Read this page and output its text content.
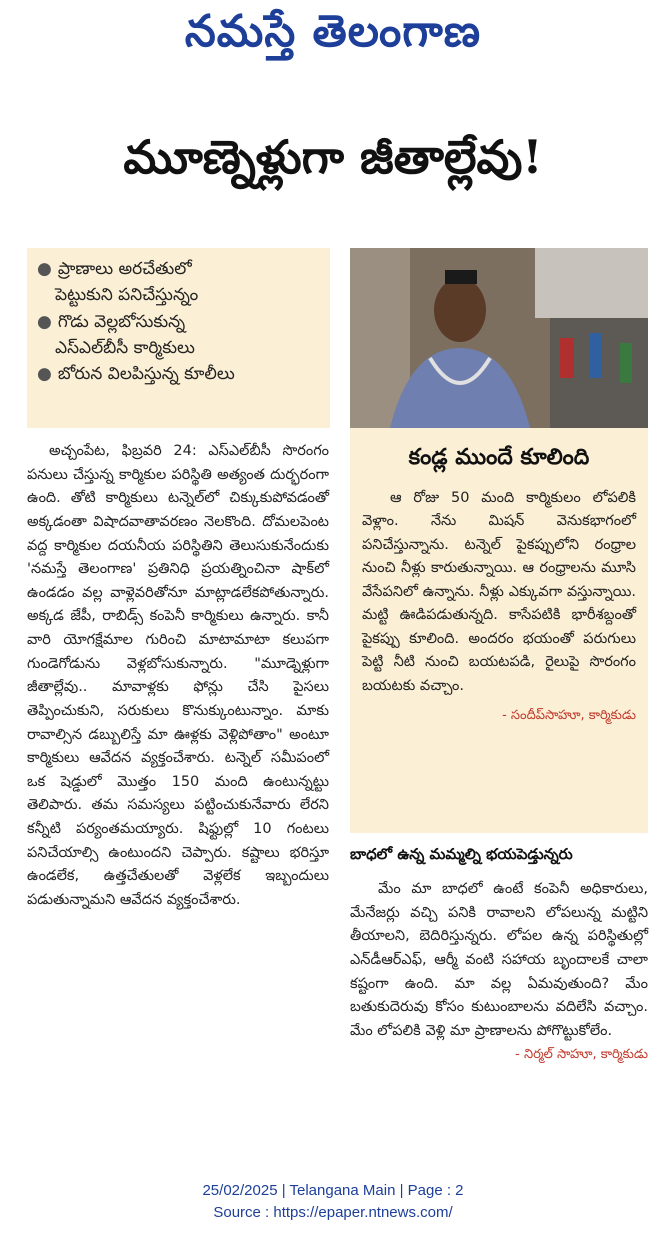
నమస్తే తెలంగాణ
మూణ్నెళ్లుగా జీతాల్లేవు!
● ప్రాణాలు అరచేతులో
పెట్టుకుని పనిచేస్తున్నం
● గొడు వెల్లబోసుకున్న
ఎస్‌ఎల్‌బీసీ కార్మికులు
● బోరున విలపిస్తున్న కూలీలు
కండ్ల ముందే కూలింది
ఆ రోజు 50 మంది కార్మికులం లోపలికి వెళ్లాం. నేను మిషన్ వెనుకభాగంలో పనిచేస్తున్నాను. టన్నెల్ పైకప్పులోని రంధ్రాల నుంచి నీళ్లు కారుతున్నాయి. ఆ రంధ్రాలను మూసి వేసేపనిలో ఉన్నాను. నీళ్లు ఎక్కువగా వస్తున్నాయి. మట్టి ఊడిపడుతున్నది. కాసేపటికి భారీశబ్దంతో పైకప్పు కూలింది. అందరం భయంతో పరుగులు పెట్టి నీటి నుంచి బయటపడి, రైలుపై సొరంగం బయటకు వచ్చాం.
- సందీప్‌సాహూ, కార్మికుడు
అచ్చంపేట, ఫిబ్రవరి 24: ఎస్‌ఎల్‌బీసీ సొరంగం పనులు చేస్తున్న కార్మికుల పరిస్థితి అత్యంత దుర్భరంగా ఉంది. తోటి కార్మికులు టన్నెల్‌లో చిక్కుకుపోవడంతో అక్కడంతా విషాదవాతావరణం నెలకొంది. దోమలపెంట వద్ద కార్మికుల దయనీయ పరిస్థితిని తెలుసుకునేందుకు 'నమస్తే తెలంగాణ' ప్రతినిధి ప్రయత్నించినా షాక్‌లో ఉండడం వల్ల వాళ్లెవరితోనూ మాట్లాడలేకపోతున్నారు. అక్కడ జేపీ, రాబిడ్స్ కంపెనీ కార్మికులు ఉన్నారు. కానీ వారి యోగక్షేమాల గురించి మాటామాటా కలుపగా గుండెగోడును వెళ్లబోసుకున్నారు. "మూడ్నెళ్లుగా జీతాల్లేవు.. మావాళ్లకు ఫోన్లు చేసి పైసలు తెప్పించుకుని, సరుకులు కొనుక్కుంటున్నాం. మాకు రావాల్సిన డబ్బులిస్తే మా ఊళ్లకు వెళ్లిపోతాం" అంటూ కార్మికులు ఆవేదన వ్యక్తంచేశారు. టన్నెల్ సమీపంలో ఒక షెడ్డులో మొత్తం 150 మంది ఉంటున్నట్టు తెలిపారు. తమ సమస్యలు పట్టించుకునేవారు లేరని కన్నీటి పర్యంతమయ్యారు. షిఫ్టుల్లో 10 గంటలు పనిచేయాల్సి ఉంటుందని చెప్పారు. కష్టాలు భరిస్తూ ఉండలేక, ఉత్తచేతులతో వెళ్లలేక ఇబ్బందులు పడుతున్నామని ఆవేదన వ్యక్తంచేశారు.
బాధలో ఉన్న మమ్మల్ని భయపెడ్తున్నరు
మేం మా బాధలో ఉంటే కంపెనీ అధికారులు, మేనేజర్లు వచ్చి పనికి రావాలని లోపలున్న మట్టిని తీయాలని, బెదిరిస్తున్నరు. లోపల ఉన్న పరిస్థితుల్లో ఎన్‌డీఆర్‌ఎఫ్, ఆర్మీ వంటి సహాయ బృందాలకే చాలా కష్టంగా ఉంది. మా వల్ల ఏమవుతుంది? మేం బతుకుదెరువు కోసం కుటుంబాలను వదిలేసి వచ్చాం. మేం లోపలికి వెళ్లి మా ప్రాణాలను పోగొట్టుకోలేం.
- నిర్మల్ సాహూ, కార్మికుడు
25/02/2025 | Telangana Main | Page : 2
Source : https://epaper.ntnews.com/
